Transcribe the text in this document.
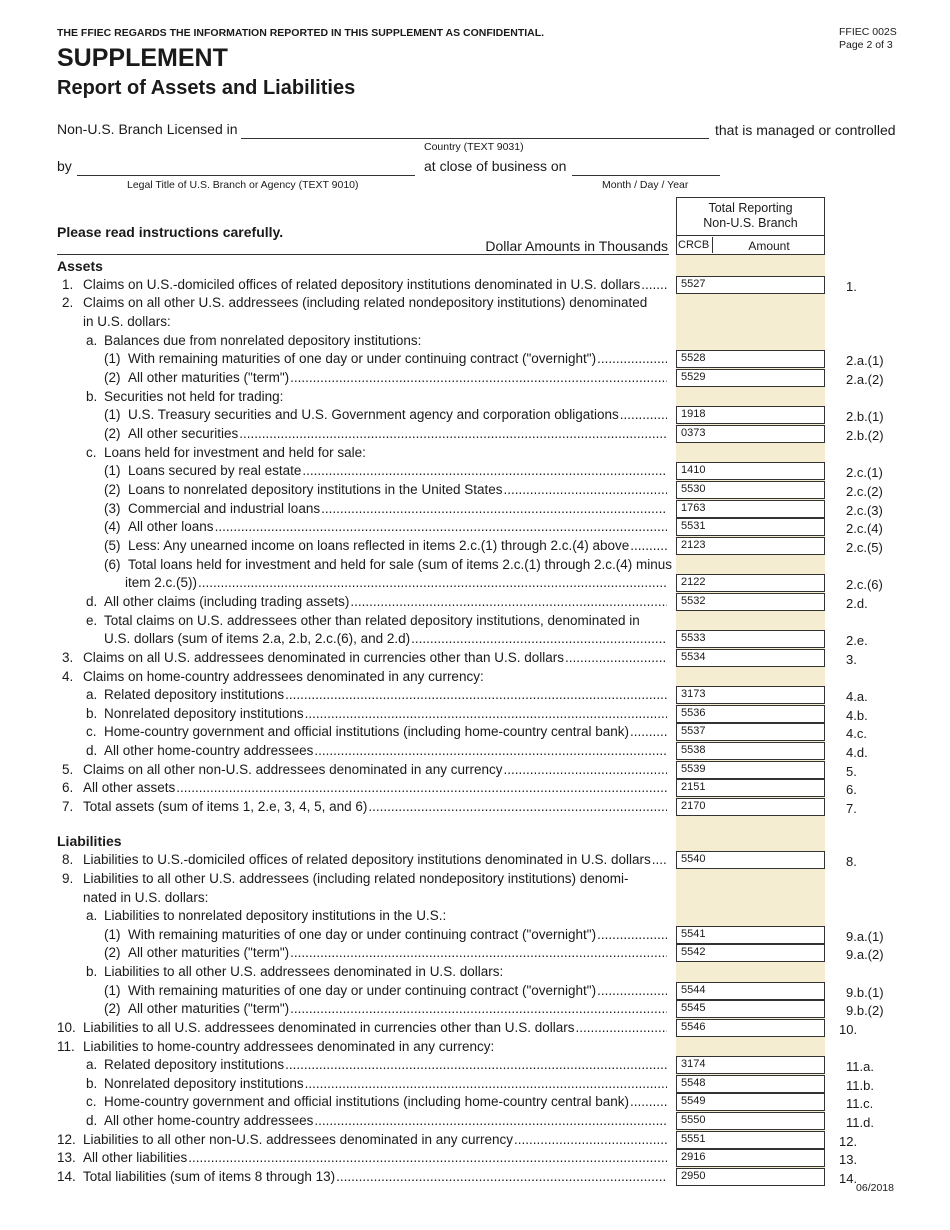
THE FFIEC REGARDS THE INFORMATION REPORTED IN THIS SUPPLEMENT AS CONFIDENTIAL.	FFIEC 002S
Page 2 of 3
SUPPLEMENT
Report of Assets and Liabilities
Non-U.S. Branch Licensed in	that is managed or controlled
Country (TEXT 9031)
by	at close of business on
Legal Title of U.S. Branch or Agency (TEXT 9010)	Month / Day / Year
Please read instructions carefully.
Dollar Amounts in Thousands
Total Reporting
Non-U.S. Branch
CRCB	Amount
Assets
Liabilities
1. Claims on U.S.-domiciled offices of related depository institutions denominated in U.S. dollars .....	5527	1.
2. Claims on all other U.S. addressees (including related nondepository institutions) denominated
in U.S. dollars:
a. Balances due from nonrelated depository institutions:
(1) With remaining maturities of one day or under continuing contract ("overnight") .....	5528	2.a.(1)
(2) All other maturities ("term") .....	5529	2.a.(2)
b. Securities not held for trading:
(1) U.S. Treasury securities and U.S. Government agency and corporation obligations .....	1918	2.b.(1)
(2) All other securities .....	0373	2.b.(2)
c. Loans held for investment and held for sale:
(1) Loans secured by real estate .....	1410	2.c.(1)
(2) Loans to nonrelated depository institutions in the United States .....	5530	2.c.(2)
(3) Commercial and industrial loans .....	1763	2.c.(3)
(4) All other loans .....	5531	2.c.(4)
(5) Less: Any unearned income on loans reflected in items 2.c.(1) through 2.c.(4) above .....	2123	2.c.(5)
(6) Total loans held for investment and held for sale (sum of items 2.c.(1) through 2.c.(4) minus
item 2.c.(5)) .....	2122	2.c.(6)
d. All other claims (including trading assets) .....	5532	2.d.
e. Total claims on U.S. addressees other than related depository institutions, denominated in
U.S. dollars (sum of items 2.a, 2.b, 2.c.(6), and 2.d) .....	5533	2.e.
3. Claims on all U.S. addressees denominated in currencies other than U.S. dollars .....	5534	3.
4. Claims on home-country addressees denominated in any currency:
a. Related depository institutions .....	3173	4.a.
b. Nonrelated depository institutions .....	5536	4.b.
c. Home-country government and official institutions (including home-country central bank) .....	5537	4.c.
d. All other home-country addressees .....	5538	4.d.
5. Claims on all other non-U.S. addressees denominated in any currency .....	5539	5.
6. All other assets .....	2151	6.
7. Total assets (sum of items 1, 2.e, 3, 4, 5, and 6) .....	2170	7.
8. Liabilities to U.S.-domiciled offices of related depository institutions denominated in U.S. dollars .....	5540	8.
9. Liabilities to all other U.S. addressees (including related nondepository institutions) denomi-
nated in U.S. dollars:
a. Liabilities to nonrelated depository institutions in the U.S.:
(1) With remaining maturities of one day or under continuing contract ("overnight") .....	5541	9.a.(1)
(2) All other maturities ("term") .....	5542	9.a.(2)
b. Liabilities to all other U.S. addressees denominated in U.S. dollars:
(1) With remaining maturities of one day or under continuing contract ("overnight") .....	5544	9.b.(1)
(2) All other maturities ("term") .....	5545	9.b.(2)
10. Liabilities to all U.S. addressees denominated in currencies other than U.S. dollars .....	5546	10.
11. Liabilities to home-country addressees denominated in any currency:
a. Related depository institutions .....	3174	11.a.
b. Nonrelated depository institutions .....	5548	11.b.
c. Home-country government and official institutions (including home-country central bank) .....	5549	11.c.
d. All other home-country addressees .....	5550	11.d.
12. Liabilities to all other non-U.S. addressees denominated in any currency .....	5551	12.
13. All other liabilities .....	2916	13.
14. Total liabilities (sum of items 8 through 13) .....	2950	14.
06/2018
